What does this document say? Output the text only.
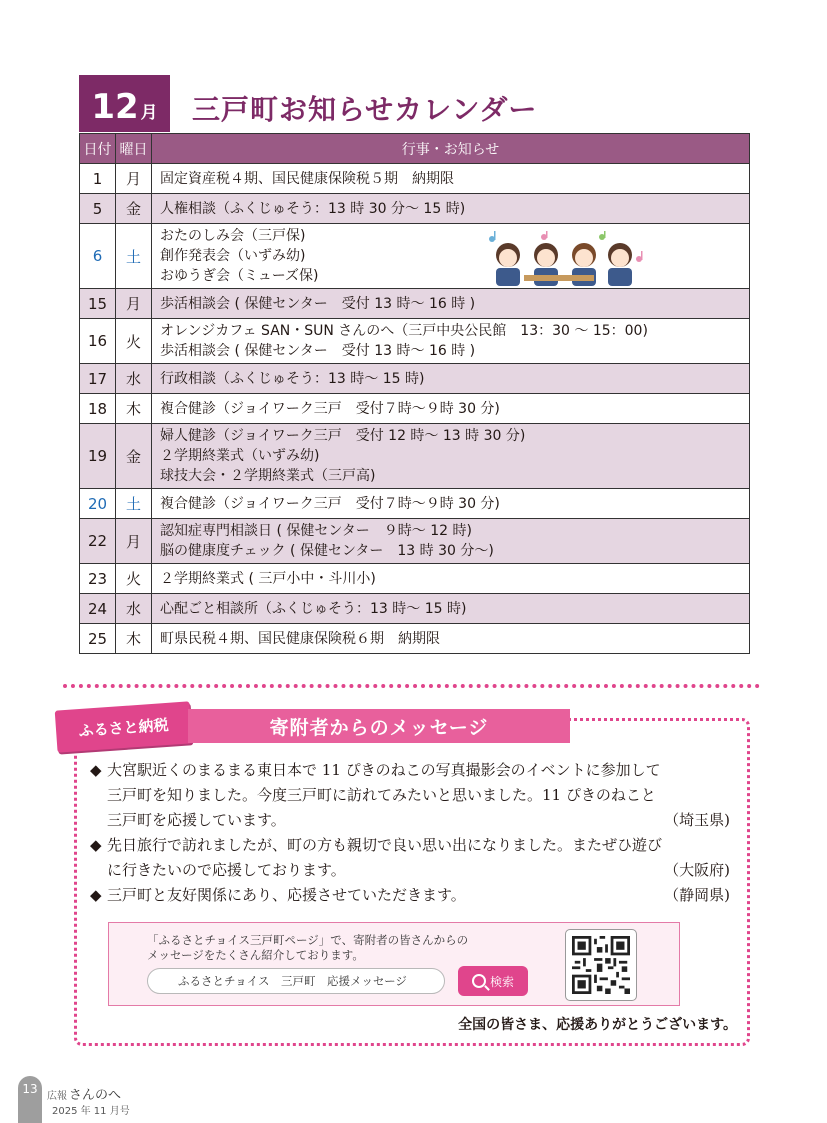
12 月 三戸町お知らせカレンダー
日付	曜日	行事・お知らせ
1	月	固定資産税４期、国民健康保険税５期　納期限

5	金	人権相談（ふくじゅそう：13 時 30 分～ 15 時)

6	土	おたのしみ会（三戸保)
創作発表会（いずみ幼)
おゆうぎ会（ミューズ保)

15	月	歩活相談会 ( 保健センター　受付 13 時～ 16 時 )

16	火	オレンジカフェ SAN・SUN さんのへ（三戸中央公民館　13：30 ～ 15：00)
歩活相談会 ( 保健センター　受付 13 時～ 16 時 )

17	水	行政相談（ふくじゅそう：13 時～ 15 時)

18	木	複合健診（ジョイワーク三戸　受付７時～９時 30 分)

19	金	婦人健診（ジョイワーク三戸　受付 12 時～ 13 時 30 分)
２学期終業式（いずみ幼)
球技大会・２学期終業式（三戸高)

20	土	複合健診（ジョイワーク三戸　受付７時～９時 30 分)

22	月	認知症専門相談日 ( 保健センター　９時～ 12 時)
脳の健康度チェック ( 保健センター　13 時 30 分～)

23	火	２学期終業式 ( 三戸小中・斗川小)

24	水	心配ごと相談所（ふくじゅそう：13 時～ 15 時)

25	木	町県民税４期、国民健康保険税６期　納期限
ふるさと納税	寄附者からのメッセージ
◆ 大宮駅近くのまるまる東日本で 11 ぴきのねこの写真撮影会のイベントに参加して三戸町を知りました。今度三戸町に訪れてみたいと思いました。11 ぴきのねこと三戸町を応援しています。	（埼玉県)
◆ 先日旅行で訪れましたが、町の方も親切で良い思い出になりました。またぜひ遊びに行きたいので応援しております。	（大阪府)
◆ 三戸町と友好関係にあり、応援させていただきます。	（静岡県)
「ふるさとチョイス三戸町ページ」で、寄附者の皆さんからの
メッセージをたくさん紹介しております。
ふるさとチョイス　三戸町　応援メッセージ	検索
全国の皆さま、応援ありがとうございます。
13
広報 さんのへ
2025 年 11 月号
